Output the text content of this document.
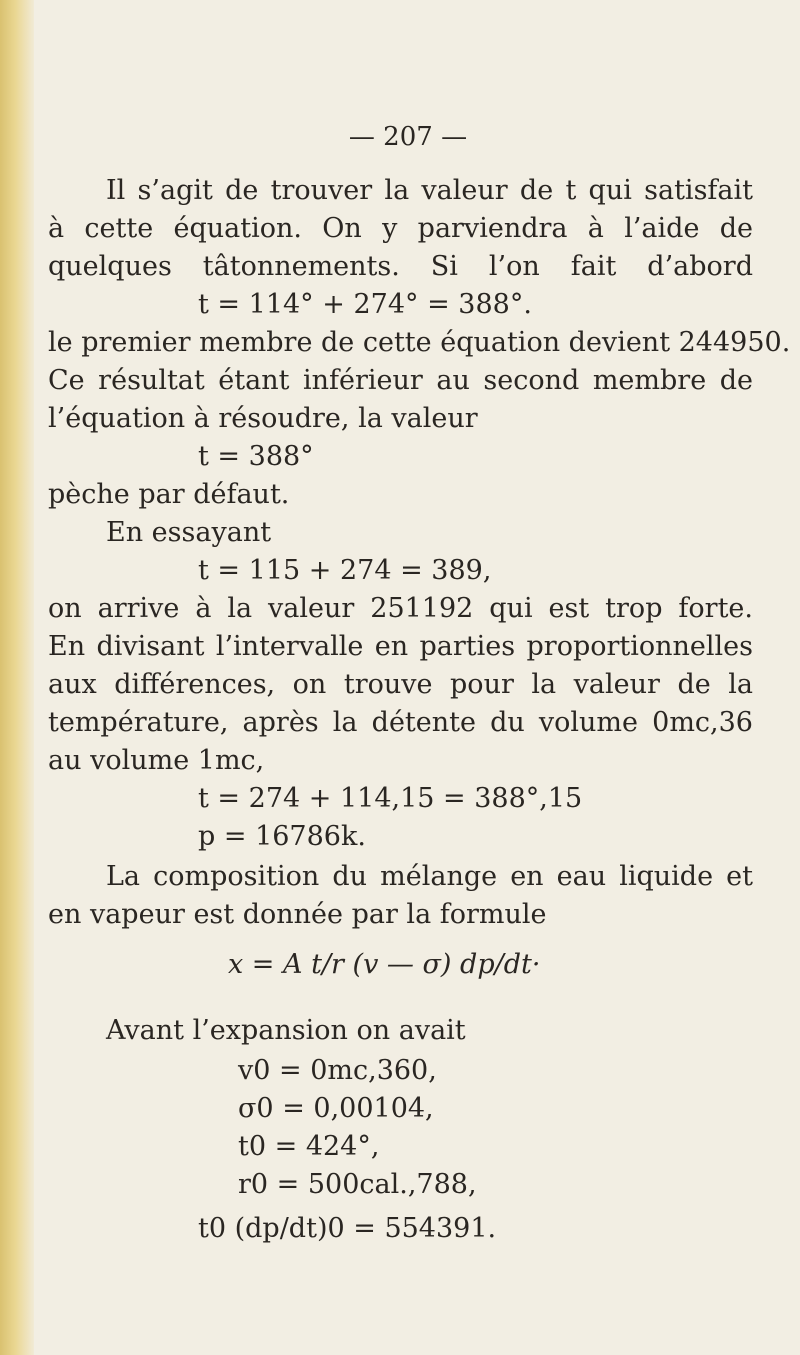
— 207 —
Il s’agit de trouver la valeur de t qui satisfait
à cette équation. On y parviendra à l’aide de
quelques tâtonnements. Si l’on fait d’abord
t = 114° + 274° = 388°.
le premier membre de cette équation devient 244950.
Ce résultat étant inférieur au second membre de
l’équation à résoudre, la valeur
t = 388°
pèche par défaut.
En essayant
t = 115 + 274 = 389,
on arrive à la valeur 251192 qui est trop forte.
En divisant l’intervalle en parties proportionnelles
aux différences, on trouve pour la valeur de la
température, après la détente du volume 0mc,36
au volume 1mc,
t = 274 + 114,15 = 388°,15
p = 16786k.
La composition du mélange en eau liquide et
en vapeur est donnée par la formule
x = A t/r (v — σ) dp/dt·
Avant l’expansion on avait
v0 = 0mc,360,
σ0 = 0,00104,
t0 = 424°,
r0 = 500cal.,788,
t0 (dp/dt)0 = 554391.
